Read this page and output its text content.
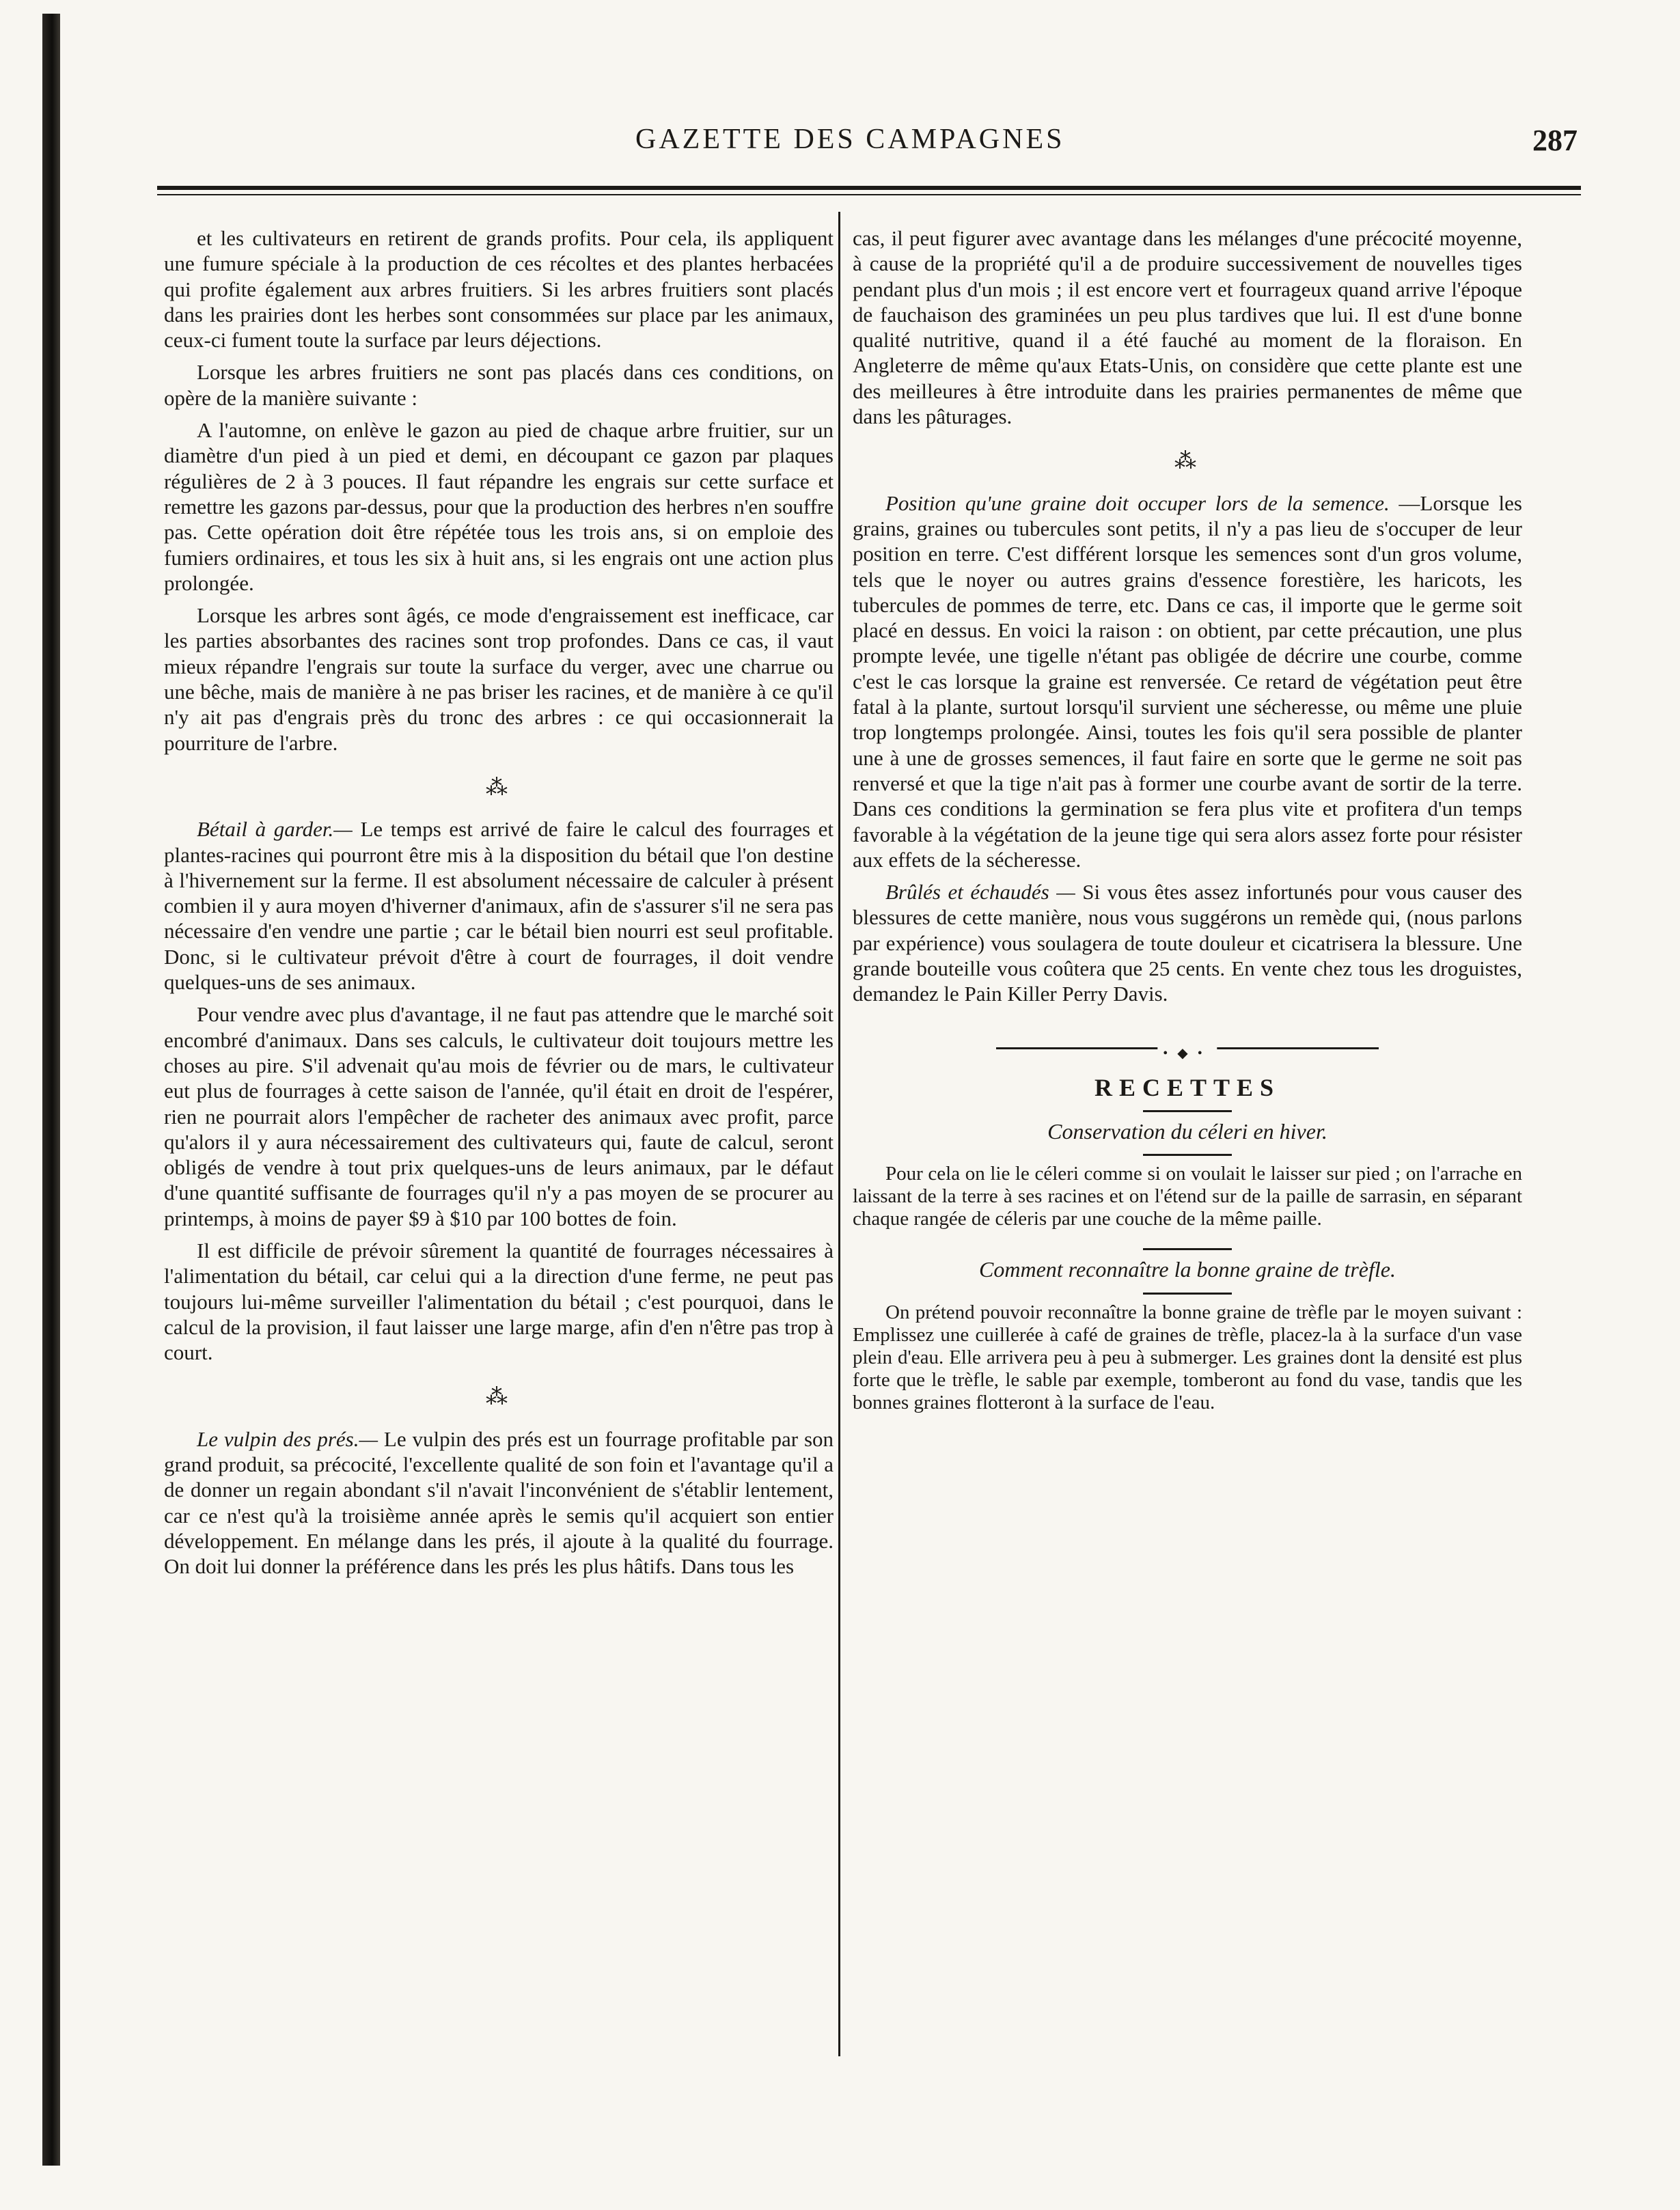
GAZETTE DES CAMPAGNES	287

et les cultivateurs en retirent de grands profits. Pour cela, ils appliquent une fumure spéciale à la production de ces récoltes et des plantes herbacées qui profite également aux arbres fruitiers. Si les arbres fruitiers sont placés dans les prairies dont les herbes sont consommées sur place par les animaux, ceux-ci fument toute la surface par leurs déjections.

Lorsque les arbres fruitiers ne sont pas placés dans ces conditions, on opère de la manière suivante :

A l'automne, on enlève le gazon au pied de chaque arbre fruitier, sur un diamètre d'un pied à un pied et demi, en découpant ce gazon par plaques régulières de 2 à 3 pouces. Il faut répandre les engrais sur cette surface et remettre les gazons par-dessus, pour que la production des herbres n'en souffre pas. Cette opération doit être répétée tous les trois ans, si on emploie des fumiers ordinaires, et tous les six à huit ans, si les engrais ont une action plus prolongée.

Lorsque les arbres sont âgés, ce mode d'engraissement est inefficace, car les parties absorbantes des racines sont trop profondes. Dans ce cas, il vaut mieux répandre l'engrais sur toute la surface du verger, avec une charrue ou une bêche, mais de manière à ne pas briser les racines, et de manière à ce qu'il n'y ait pas d'engrais près du tronc des arbres : ce qui occasionnerait la pourriture de l'arbre.

⁂

Bétail à garder.— Le temps est arrivé de faire le calcul des fourrages et plantes-racines qui pourront être mis à la disposition du bétail que l'on destine à l'hivernement sur la ferme. Il est absolument nécessaire de calculer à présent combien il y aura moyen d'hiverner d'animaux, afin de s'assurer s'il ne sera pas nécessaire d'en vendre une partie ; car le bétail bien nourri est seul profitable. Donc, si le cultivateur prévoit d'être à court de fourrages, il doit vendre quelques-uns de ses animaux.

Pour vendre avec plus d'avantage, il ne faut pas attendre que le marché soit encombré d'animaux. Dans ses calculs, le cultivateur doit toujours mettre les choses au pire. S'il advenait qu'au mois de février ou de mars, le cultivateur eut plus de fourrages à cette saison de l'année, qu'il était en droit de l'espérer, rien ne pourrait alors l'empêcher de racheter des animaux avec profit, parce qu'alors il y aura nécessairement des cultivateurs qui, faute de calcul, seront obligés de vendre à tout prix quelques-uns de leurs animaux, par le défaut d'une quantité suffisante de fourrages qu'il n'y a pas moyen de se procurer au printemps, à moins de payer $9 à $10 par 100 bottes de foin.

Il est difficile de prévoir sûrement la quantité de fourrages nécessaires à l'alimentation du bétail, car celui qui a la direction d'une ferme, ne peut pas toujours lui-même surveiller l'alimentation du bétail ; c'est pourquoi, dans le calcul de la provision, il faut laisser une large marge, afin d'en n'être pas trop à court.

⁂

Le vulpin des prés.— Le vulpin des prés est un fourrage profitable par son grand produit, sa précocité, l'excellente qualité de son foin et l'avantage qu'il a de donner un regain abondant s'il n'avait l'inconvénient de s'établir lentement, car ce n'est qu'à la troisième année après le semis qu'il acquiert son entier développement. En mélange dans les prés, il ajoute à la qualité du fourrage. On doit lui donner la préférence dans les prés les plus hâtifs. Dans tous les

cas, il peut figurer avec avantage dans les mélanges d'une précocité moyenne, à cause de la propriété qu'il a de produire successivement de nouvelles tiges pendant plus d'un mois ; il est encore vert et fourrageux quand arrive l'époque de fauchaison des graminées un peu plus tardives que lui. Il est d'une bonne qualité nutritive, quand il a été fauché au moment de la floraison. En Angleterre de même qu'aux Etats-Unis, on considère que cette plante est une des meilleures à être introduite dans les prairies permanentes de même que dans les pâturages.

⁂

Position qu'une graine doit occuper lors de la semence. —Lorsque les grains, graines ou tubercules sont petits, il n'y a pas lieu de s'occuper de leur position en terre. C'est différent lorsque les semences sont d'un gros volume, tels que le noyer ou autres grains d'essence forestière, les haricots, les tubercules de pommes de terre, etc. Dans ce cas, il importe que le germe soit placé en dessus. En voici la raison : on obtient, par cette précaution, une plus prompte levée, une tigelle n'étant pas obligée de décrire une courbe, comme c'est le cas lorsque la graine est renversée. Ce retard de végétation peut être fatal à la plante, surtout lorsqu'il survient une sécheresse, ou même une pluie trop longtemps prolongée. Ainsi, toutes les fois qu'il sera possible de planter une à une de grosses semences, il faut faire en sorte que le germe ne soit pas renversé et que la tige n'ait pas à former une courbe avant de sortir de la terre. Dans ces conditions la germination se fera plus vite et profitera d'un temps favorable à la végétation de la jeune tige qui sera alors assez forte pour résister aux effets de la sécheresse.

Brûlés et échaudés — Si vous êtes assez infortunés pour vous causer des blessures de cette manière, nous vous suggérons un remède qui, (nous parlons par expérience) vous soulagera de toute douleur et cicatrisera la blessure. Une grande bouteille vous coûtera que 25 cents. En vente chez tous les droguistes, demandez le Pain Killer Perry Davis.

•◆•
RECETTES
Conservation du céleri en hiver.

Pour cela on lie le céleri comme si on voulait le laisser sur pied ; on l'arrache en laissant de la terre à ses racines et on l'étend sur de la paille de sarrasin, en séparant chaque rangée de céleris par une couche de la même paille.

Comment reconnaître la bonne graine de trèfle.

On prétend pouvoir reconnaître la bonne graine de trèfle par le moyen suivant : Emplissez une cuillerée à café de graines de trèfle, placez-la à la surface d'un vase plein d'eau. Elle arrivera peu à peu à submerger. Les graines dont la densité est plus forte que le trèfle, le sable par exemple, tomberont au fond du vase, tandis que les bonnes graines flotteront à la surface de l'eau.
